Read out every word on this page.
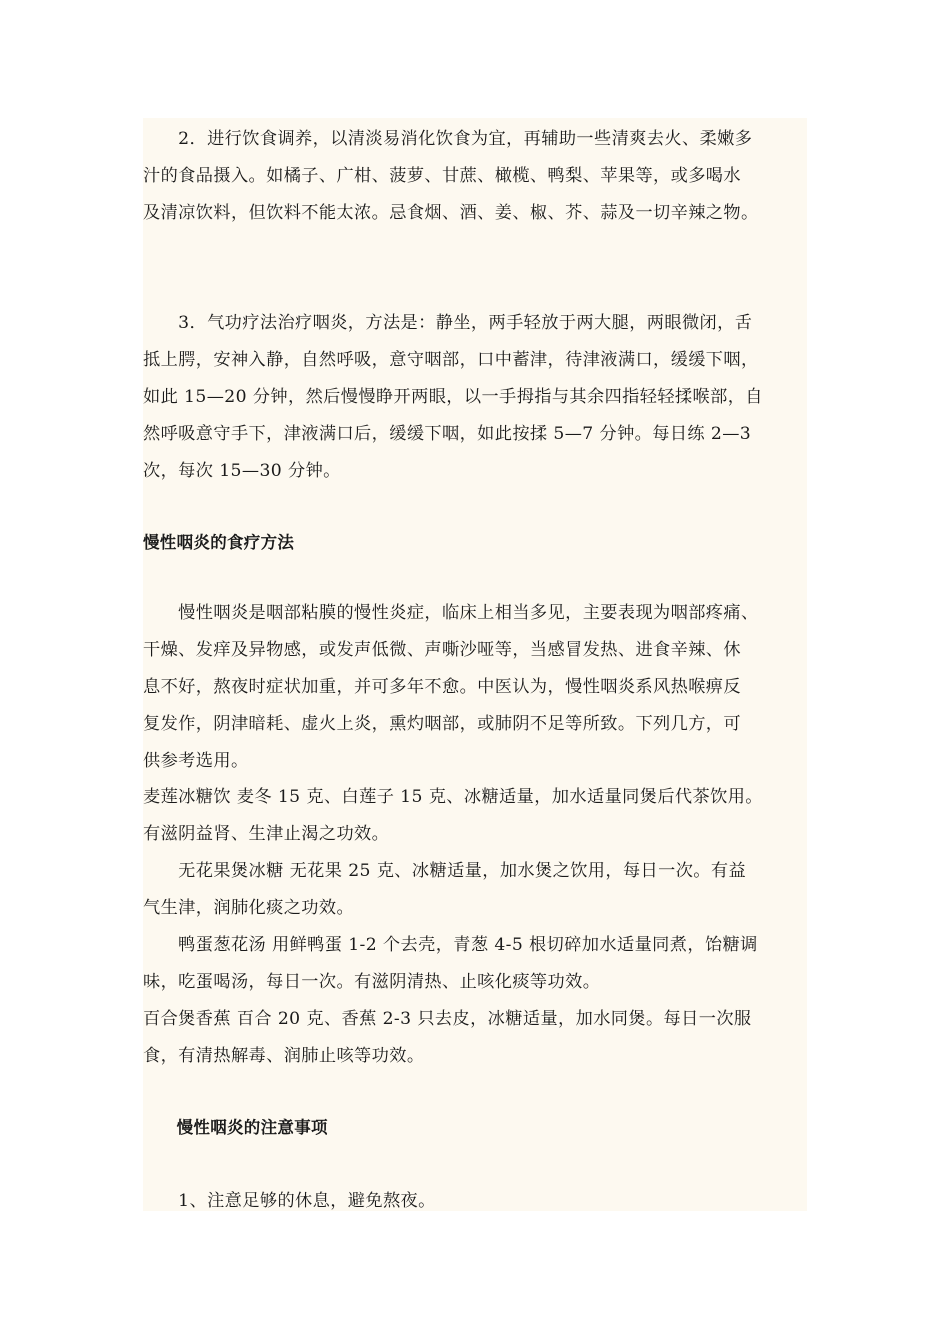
　　2．进行饮食调养，以清淡易消化饮食为宜，再辅助一些清爽去火、柔嫩多
汁的食品摄入。如橘子、广柑、菠萝、甘蔗、橄榄、鸭梨、苹果等，或多喝水
及清凉饮料，但饮料不能太浓。忌食烟、酒、姜、椒、芥、蒜及一切辛辣之物。
　　3．气功疗法治疗咽炎，方法是：静坐，两手轻放于两大腿，两眼微闭，舌
抵上腭，安神入静，自然呼吸，意守咽部，口中蓄津，待津液满口，缓缓下咽，
如此 15—20 分钟，然后慢慢睁开两眼，以一手拇指与其余四指轻轻揉喉部，自
然呼吸意守手下，津液满口后，缓缓下咽，如此按揉 5—7 分钟。每日练 2—3
次，每次 15—30 分钟。
慢性咽炎的食疗方法
　　慢性咽炎是咽部粘膜的慢性炎症，临床上相当多见，主要表现为咽部疼痛、
干燥、发痒及异物感，或发声低微、声嘶沙哑等，当感冒发热、进食辛辣、休
息不好，熬夜时症状加重，并可多年不愈。中医认为，慢性咽炎系风热喉痹反
复发作，阴津暗耗、虚火上炎，熏灼咽部，或肺阴不足等所致。下列几方，可
供参考选用。
麦莲冰糖饮 麦冬 15 克、白莲子 15 克、冰糖适量，加水适量同煲后代茶饮用。
有滋阴益肾、生津止渴之功效。
　　无花果煲冰糖 无花果 25 克、冰糖适量，加水煲之饮用，每日一次。有益
气生津，润肺化痰之功效。
　　鸭蛋葱花汤 用鲜鸭蛋 1-2 个去壳，青葱 4-5 根切碎加水适量同煮，饴糖调
味，吃蛋喝汤，每日一次。有滋阴清热、止咳化痰等功效。
百合煲香蕉 百合 20 克、香蕉 2-3 只去皮，冰糖适量，加水同煲。每日一次服
食，有清热解毒、润肺止咳等功效。
　　慢性咽炎的注意事项
　　1、注意足够的休息，避免熬夜。
